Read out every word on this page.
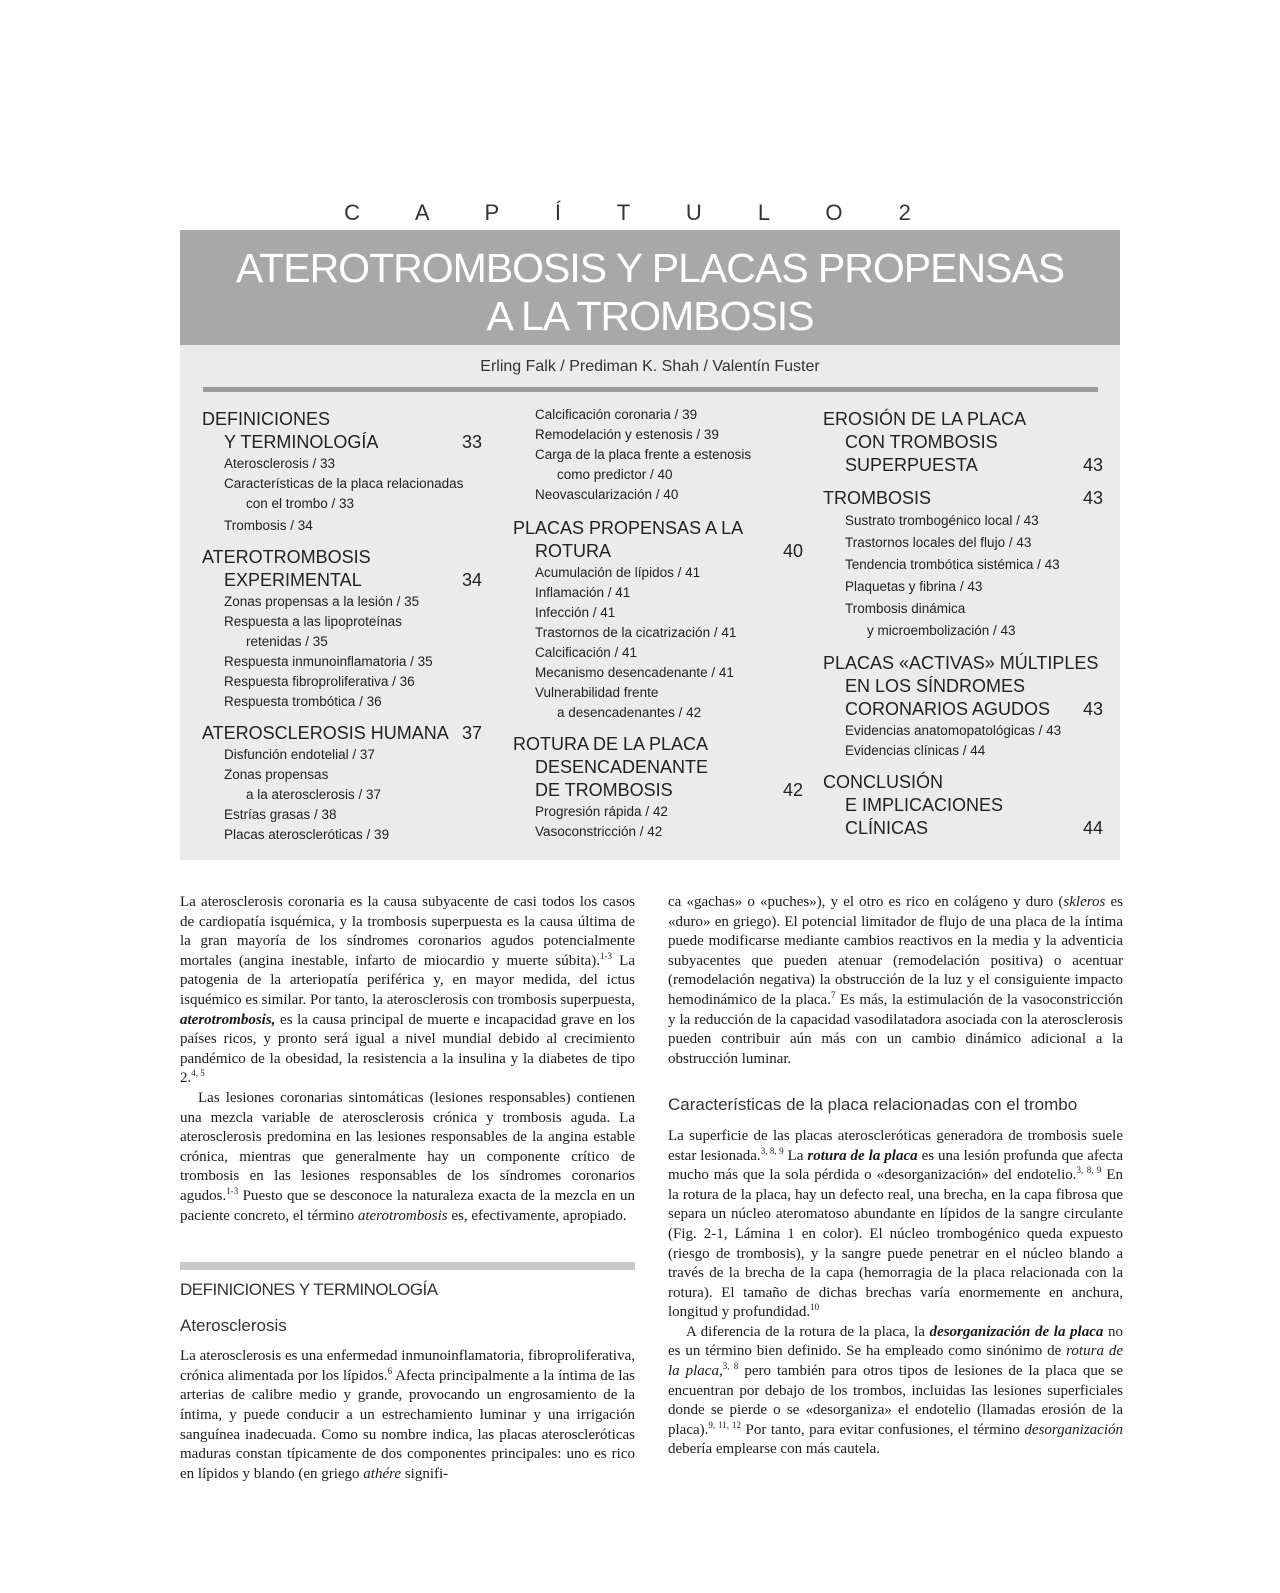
C A P Í T U L O 2
ATEROTROMBOSIS Y PLACAS PROPENSAS
A LA TROMBOSIS
Erling Falk / Prediman K. Shah / Valentín Fuster
DEFINICIONES
Y TERMINOLOGÍA	33
Aterosclerosis / 33
Características de la placa relacionadas
con el trombo / 33
Trombosis / 34
ATEROTROMBOSIS
EXPERIMENTAL	34
Zonas propensas a la lesión / 35
Respuesta a las lipoproteínas
retenidas / 35
Respuesta inmunoinflamatoria / 35
Respuesta fibroproliferativa / 36
Respuesta trombótica / 36
ATEROSCLEROSIS HUMANA 37
Disfunción endotelial / 37
Zonas propensas
a la aterosclerosis / 37
Estrías grasas / 38
Placas ateroscleróticas / 39
Calcificación coronaria / 39
Remodelación y estenosis / 39
Carga de la placa frente a estenosis
como predictor / 40
Neovascularización / 40
PLACAS PROPENSAS A LA
ROTURA	40
Acumulación de lípidos / 41
Inflamación / 41
Infección / 41
Trastornos de la cicatrización / 41
Calcificación / 41
Mecanismo desencadenante / 41
Vulnerabilidad frente
a desencadenantes / 42
ROTURA DE LA PLACA
DESENCADENANTE
DE TROMBOSIS	42
Progresión rápida / 42
Vasoconstricción / 42
EROSIÓN DE LA PLACA
CON TROMBOSIS
SUPERPUESTA	43
TROMBOSIS	43
Sustrato trombogénico local / 43
Trastornos locales del flujo / 43
Tendencia trombótica sistémica / 43
Plaquetas y fibrina / 43
Trombosis dinámica
y microembolización / 43
PLACAS «ACTIVAS» MÚLTIPLES
EN LOS SÍNDROMES
CORONARIOS AGUDOS	43
Evidencias anatomopatológicas / 43
Evidencias clínicas / 44
CONCLUSIÓN
E IMPLICACIONES
CLÍNICAS	44

La aterosclerosis coronaria es la causa subyacente de casi todos los casos de cardiopatía isquémica, y la trombosis superpuesta es la causa última de la gran mayoría de los síndromes coronarios agudos potencialmente mortales (angina inestable, infarto de miocardio y muerte súbita).$^{1-3}$ La patogenia de la arteriopatía periférica y, en mayor medida, del ictus isquémico es similar. Por tanto, la aterosclerosis con trombosis superpuesta, aterotrombosis, es la causa principal de muerte e incapacidad grave en los países ricos, y pronto será igual a nivel mundial debido al crecimiento pandémico de la obesidad, la resistencia a la insulina y la diabetes de tipo 2.$^{4, 5}$

Las lesiones coronarias sintomáticas (lesiones responsables) contienen una mezcla variable de aterosclerosis crónica y trombosis aguda. La aterosclerosis predomina en las lesiones responsables de la angina estable crónica, mientras que generalmente hay un componente crítico de trombosis en las lesiones responsables de los síndromes coronarios agudos.$^{1-3}$ Puesto que se desconoce la naturaleza exacta de la mezcla en un paciente concreto, el término aterotrombosis es, efectivamente, apropiado.

DEFINICIONES Y TERMINOLOGÍA
Aterosclerosis

La aterosclerosis es una enfermedad inmunoinflamatoria, fibroproliferativa, crónica alimentada por los lípidos.$^6$ Afecta principalmente a la íntima de las arterias de calibre medio y grande, provocando un engrosamiento de la íntima, y puede conducir a un estrechamiento luminar y una irrigación sanguínea inadecuada. Como su nombre indica, las placas ateroscleróticas maduras constan típicamente de dos componentes principales: uno es rico en lípidos y blando (en griego athére signifi-

ca «gachas» o «puches»), y el otro es rico en colágeno y duro (skleros es «duro» en griego). El potencial limitador de flujo de una placa de la íntima puede modificarse mediante cambios reactivos en la media y la adventicia subyacentes que pueden atenuar (remodelación positiva) o acentuar (remodelación negativa) la obstrucción de la luz y el consiguiente impacto hemodinámico de la placa.$^7$ Es más, la estimulación de la vasoconstricción y la reducción de la capacidad vasodilatadora asociada con la aterosclerosis pueden contribuir aún más con un cambio dinámico adicional a la obstrucción luminar.

Características de la placa relacionadas con el trombo

La superficie de las placas ateroscleróticas generadora de trombosis suele estar lesionada.$^{3, 8, 9}$ La rotura de la placa es una lesión profunda que afecta mucho más que la sola pérdida o «desorganización» del endotelio.$^{3, 8, 9}$ En la rotura de la placa, hay un defecto real, una brecha, en la capa fibrosa que separa un núcleo ateromatoso abundante en lípidos de la sangre circulante (Fig. 2-1, Lámina 1 en color). El núcleo trombogénico queda expuesto (riesgo de trombosis), y la sangre puede penetrar en el núcleo blando a través de la brecha de la capa (hemorragia de la placa relacionada con la rotura). El tamaño de dichas brechas varía enormemente en anchura, longitud y profundidad.$^{10}$

A diferencia de la rotura de la placa, la desorganización de la placa no es un término bien definido. Se ha empleado como sinónimo de rotura de la placa,$^{3, 8}$ pero también para otros tipos de lesiones de la placa que se encuentran por debajo de los trombos, incluidas las lesiones superficiales donde se pierde o se «desorganiza» el endotelio (llamadas erosión de la placa).$^{9, 11, 12}$ Por tanto, para evitar confusiones, el término desorganización debería emplearse con más cautela.
